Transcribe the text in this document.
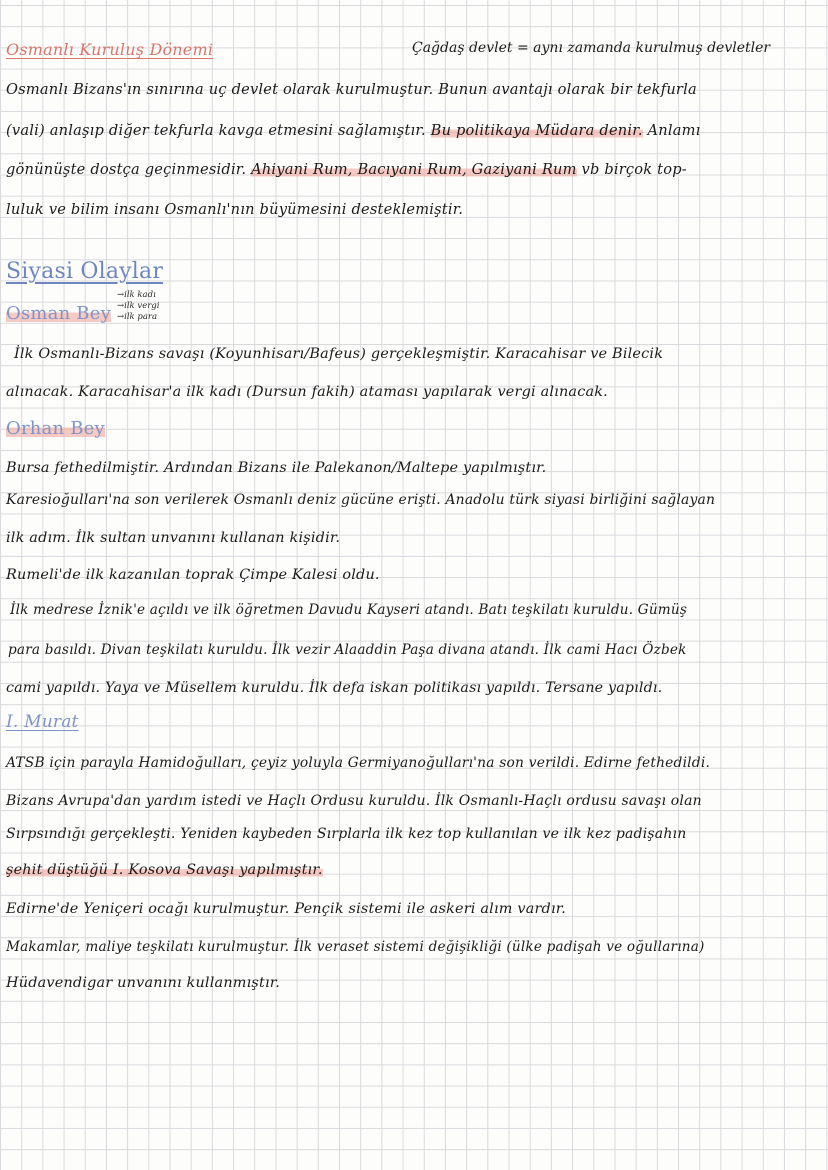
Osmanlı Kuruluş Dönemi	Çağdaş devlet = aynı zamanda kurulmuş devletler
Osmanlı Bizans'ın sınırına uç devlet olarak kurulmuştur. Bunun avantajı olarak bir tekfurla
(vali) anlaşıp diğer tekfurla kavga etmesini sağlamıştır. Bu politikaya Müdara denir. Anlamı
gönünüşte dostça geçinmesidir. Ahiyani Rum, Bacıyani Rum, Gaziyani Rum vb birçok top-
luluk ve bilim insanı Osmanlı'nın büyümesini desteklemiştir.
Siyasi Olaylar
Osman Bey
→ilk kadı
→ilk vergi
→ilk para
İlk Osmanlı-Bizans savaşı (Koyunhisarı/Bafeus) gerçekleşmiştir. Karacahisar ve Bilecik
alınacak. Karacahisar'a ilk kadı (Dursun fakih) ataması yapılarak vergi alınacak.
Orhan Bey
Bursa fethedilmiştir. Ardından Bizans ile Palekanon/Maltepe yapılmıştır.
Karesioğulları'na son verilerek Osmanlı deniz gücüne erişti. Anadolu türk siyasi birliğini sağlayan
ilk adım. İlk sultan unvanını kullanan kişidir.
Rumeli'de ilk kazanılan toprak Çimpe Kalesi oldu.
İlk medrese İznik'e açıldı ve ilk öğretmen Davudu Kayseri atandı. Batı teşkilatı kuruldu. Gümüş
para basıldı. Divan teşkilatı kuruldu. İlk vezir Alaaddin Paşa divana atandı. İlk cami Hacı Özbek
cami yapıldı. Yaya ve Müsellem kuruldu. İlk defa iskan politikası yapıldı. Tersane yapıldı.
I. Murat
ATSB için parayla Hamidoğulları, çeyiz yoluyla Germiyanoğulları'na son verildi. Edirne fethedildi.
Bizans Avrupa'dan yardım istedi ve Haçlı Ordusu kuruldu. İlk Osmanlı-Haçlı ordusu savaşı olan
Sırpsındığı gerçekleşti. Yeniden kaybeden Sırplarla ilk kez top kullanılan ve ilk kez padişahın
şehit düştüğü I. Kosova Savaşı yapılmıştır.
Edirne'de Yeniçeri ocağı kurulmuştur. Pençik sistemi ile askeri alım vardır.
Makamlar, maliye teşkilatı kurulmuştur. İlk veraset sistemi değişikliği (ülke padişah ve oğullarına)
Hüdavendigar unvanını kullanmıştır.
